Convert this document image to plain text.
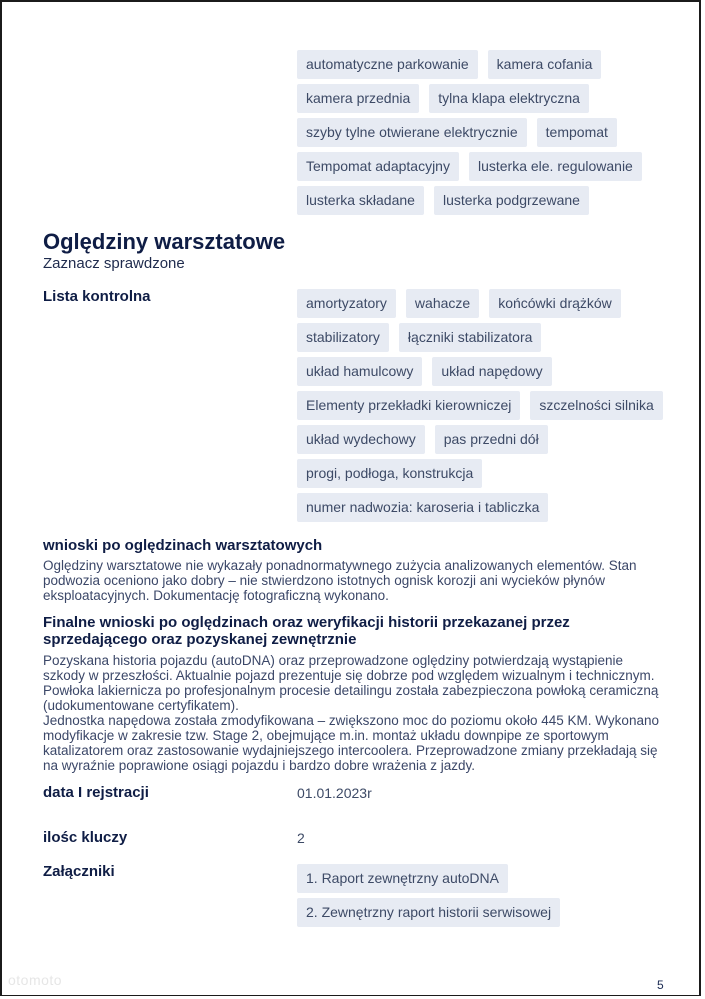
automatyczne parkowanie	kamera cofania
kamera przednia	tylna klapa elektryczna
szyby tylne otwierane elektrycznie	tempomat
Tempomat adaptacyjny	lusterka ele. regulowanie
lusterka składane	lusterka podgrzewane
Oględziny warsztatowe
Zaznacz sprawdzone
Lista kontrolna	amortyzatory	wahacze	końcówki drążków
stabilizatory	łączniki stabilizatora
układ hamulcowy	układ napędowy
Elementy przekładki kierowniczej	szczelności silnika
układ wydechowy	pas przedni dół
progi, podłoga, konstrukcja
numer nadwozia: karoseria i tabliczka
wnioski po oględzinach warsztatowych

Oględziny warsztatowe nie wykazały ponadnormatywnego zużycia analizowanych elementów. Stan podwozia oceniono jako dobry – nie stwierdzono istotnych ognisk korozji ani wycieków płynów eksploatacyjnych. Dokumentację fotograficzną wykonano.

Finalne wnioski po oględzinach oraz weryfikacji historii przekazanej przez sprzedającego oraz pozyskanej zewnętrznie

Pozyskana historia pojazdu (autoDNA) oraz przeprowadzone oględziny potwierdzają wystąpienie szkody w przeszłości. Aktualnie pojazd prezentuje się dobrze pod względem wizualnym i technicznym. Powłoka lakiernicza po profesjonalnym procesie detailingu została zabezpieczona powłoką ceramiczną (udokumentowane certyfikatem).

Jednostka napędowa została zmodyfikowana – zwiększono moc do poziomu około 445 KM. Wykonano modyfikacje w zakresie tzw. Stage 2, obejmujące m.in. montaż układu downpipe ze sportowym katalizatorem oraz zastosowanie wydajniejszego intercoolera. Przeprowadzone zmiany przekładają się na wyraźnie poprawione osiągi pojazdu i bardzo dobre wrażenia z jazdy.

data I rejstracji	01.01.2023r
ilośc kluczy	2
Załączniki	1. Raport zewnętrzny autoDNA
2. Zewnętrzny raport historii serwisowej
otomoto	5
